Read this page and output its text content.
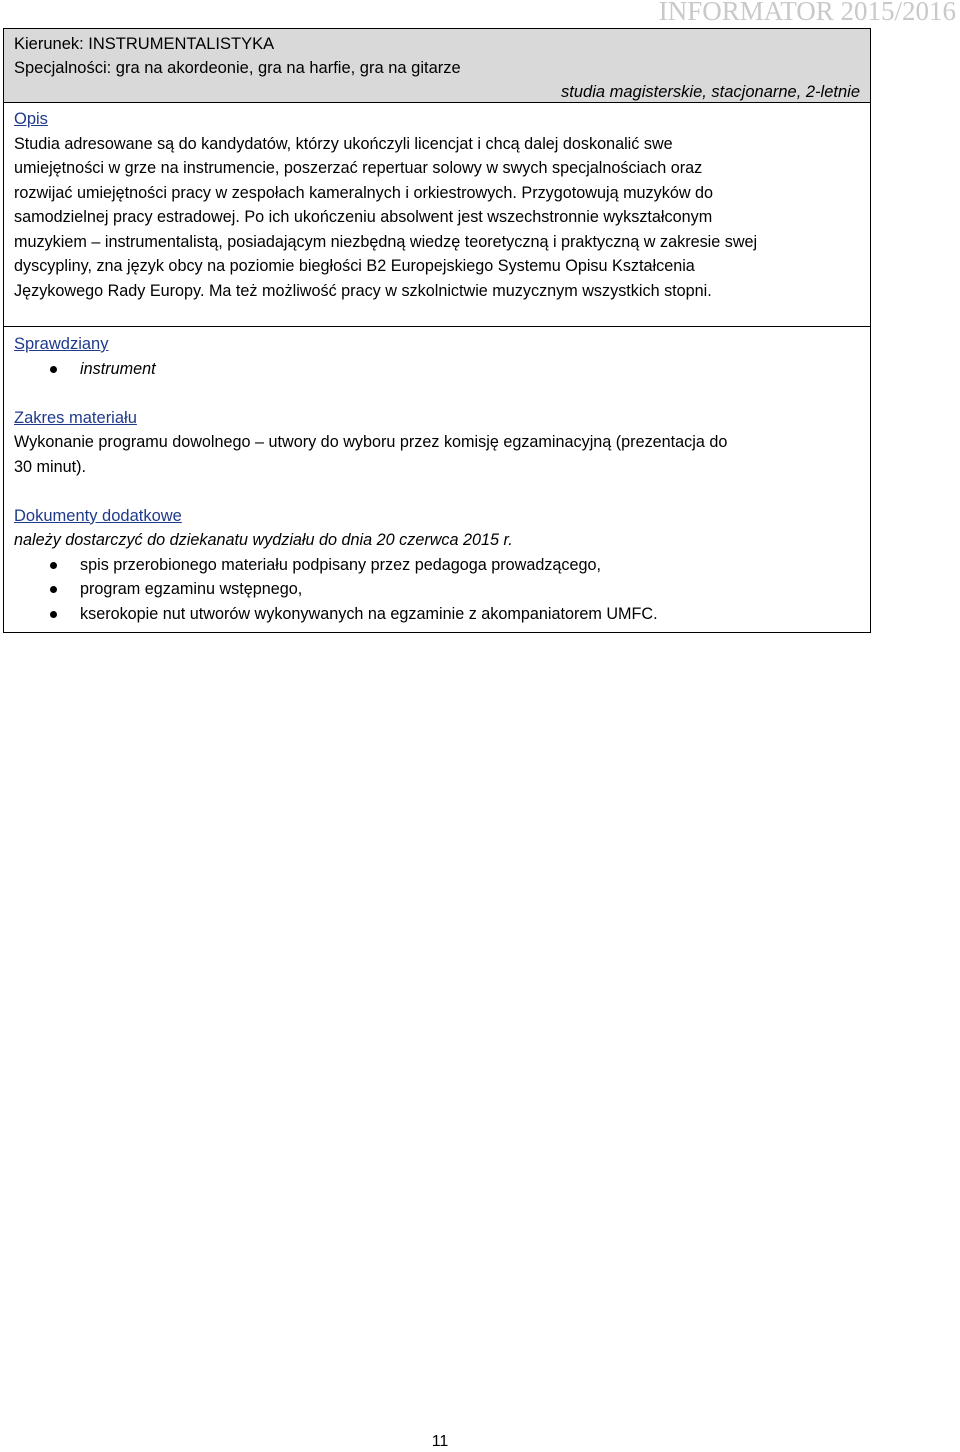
INFORMATOR 2015/2016
Kierunek: INSTRUMENTALISTYKA
Specjalności: gra na akordeonie, gra na harfie, gra na gitarze
studia magisterskie, stacjonarne, 2-letnie
Opis

Studia adresowane są do kandydatów, którzy ukończyli licencjat i chcą dalej doskonalić swe
umiejętności w grze na instrumencie, poszerzać repertuar solowy w swych specjalnościach oraz
rozwijać umiejętności pracy w zespołach kameralnych i orkiestrowych. Przygotowują muzyków do
samodzielnej pracy estradowej. Po ich ukończeniu absolwent jest wszechstronnie wykształconym
muzykiem – instrumentalistą, posiadającym niezbędną wiedzę teoretyczną i praktyczną w zakresie swej
dyscypliny, zna język obcy na poziomie biegłości B2 Europejskiego Systemu Opisu Kształcenia
Językowego Rady Europy. Ma też możliwość pracy w szkolnictwie muzycznym wszystkich stopni.

Sprawdziany
instrument
Zakres materiału

Wykonanie programu dowolnego – utwory do wyboru przez komisję egzaminacyjną (prezentacja do
30 minut).

Dokumenty dodatkowe

należy dostarczyć do dziekanatu wydziału do dnia 20 czerwca 2015 r.

spis przerobionego materiału podpisany przez pedagoga prowadzącego,
program egzaminu wstępnego,
kserokopie nut utworów wykonywanych na egzaminie z akompaniatorem UMFC.
11
